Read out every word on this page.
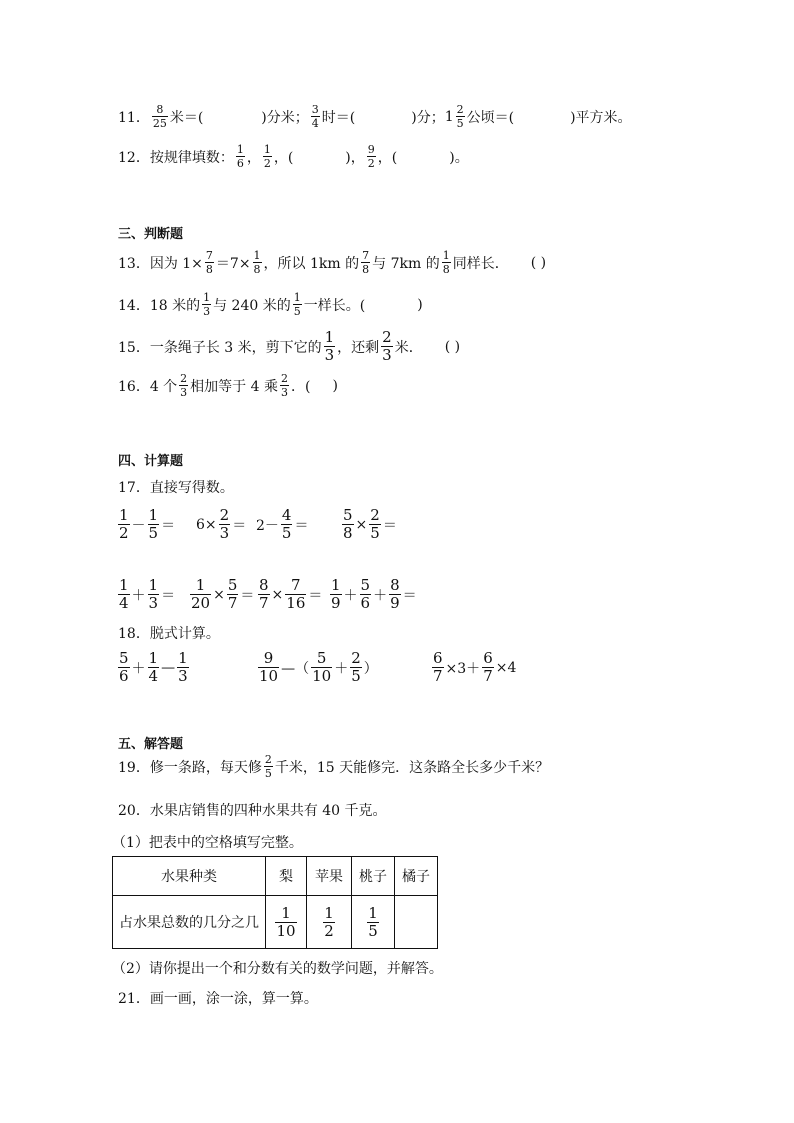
11． $\frac{8}{25}$ 米＝(	)分米； $\frac{3}{4}$ 时＝(	)分； $1 \frac{2}{5}$ 公顷＝(	)平方米。
12． 按规律填数： $\frac{1}{6}$ ， $\frac{1}{2}$ ，(	)， $\frac{9}{2}$ ，(	)。
三、判断题
13．因为 $1\times \frac{7}{8} =7\times \frac{1}{8}$ ，所以 1km 的 $\frac{7}{8}$ 与 7km 的 $\frac{1}{8}$ 同样长． ( )
14．18 米的 $\frac{1}{3}$ 与 240 米的 $\frac{1}{5}$ 一样长。(	)
15．一条绳子长 3 米，剪下它的 $\frac{1}{3}$ ，还剩 $\frac{2}{3}$ 米． ( )
16．4 个 $\frac{2}{3}$ 相加等于 4 乘 $\frac{2}{3}$ ．( )
四、计算题
17．直接写得数。
$\frac{1}{2} - \frac{1}{5} = 6\times \frac{2}{3} = 2- \frac{4}{5} = \frac{5}{8} \times \frac{2}{5}$ ＝
$\frac{1}{4} + \frac{1}{3} = \frac{1}{20} \times \frac{5}{7} = \frac{8}{7} \times \frac{7}{16} = \frac{1}{9} + \frac{5}{6} + \frac{8}{9}$ ＝
18．脱式计算。
$\frac{5}{6} + \frac{1}{4}$ — $\frac{1}{3}$	$\frac{9}{10}$ —（ $\frac{5}{10} + \frac{2}{5}$ ）	$\frac{6}{7} \times 3+ \frac{6}{7} \times 4$
五、解答题
19．修一条路，每天修 $\frac{2}{5}$ 千米，15 天能修完．这条路全长多少千米？
20．水果店销售的四种水果共有 40 千克。
（1）把表中的空格填写完整。
水果种类	梨	苹果	桃子	橘子
占水果总数的几分之几	$\frac{1}{10}$	$\frac{1}{2}$	$\frac{1}{5}$

（2）请你提出一个和分数有关的数学问题，并解答。
21．画一画，涂一涂，算一算。
